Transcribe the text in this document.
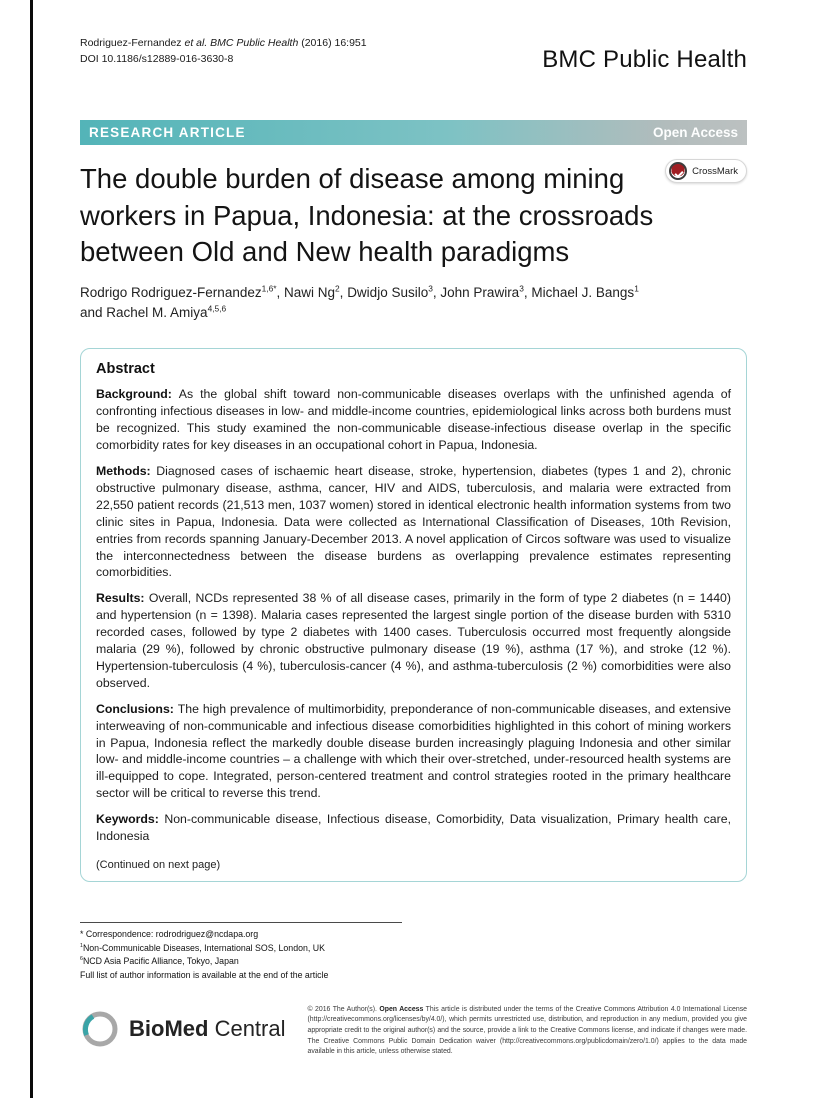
Rodriguez-Fernandez et al. BMC Public Health (2016) 16:951
DOI 10.1186/s12889-016-3630-8	BMC Public Health
RESEARCH ARTICLE	Open Access
The double burden of disease among mining workers in Papua, Indonesia: at the crossroads between Old and New health paradigms
CrossMark
Rodrigo Rodriguez-Fernandez$^{1,6*}$, Nawi Ng$^2$, Dwidjo Susilo$^3$, John Prawira$^3$, Michael J. Bangs$^1$
and Rachel M. Amiya$^{4,5,6}$
Abstract

Background: As the global shift toward non-communicable diseases overlaps with the unfinished agenda of confronting infectious diseases in low- and middle-income countries, epidemiological links across both burdens must be recognized. This study examined the non-communicable disease-infectious disease overlap in the specific comorbidity rates for key diseases in an occupational cohort in Papua, Indonesia.

Methods: Diagnosed cases of ischaemic heart disease, stroke, hypertension, diabetes (types 1 and 2), chronic obstructive pulmonary disease, asthma, cancer, HIV and AIDS, tuberculosis, and malaria were extracted from 22,550 patient records (21,513 men, 1037 women) stored in identical electronic health information systems from two clinic sites in Papua, Indonesia. Data were collected as International Classification of Diseases, 10th Revision, entries from records spanning January-December 2013. A novel application of Circos software was used to visualize the interconnectedness between the disease burdens as overlapping prevalence estimates representing comorbidities.

Results: Overall, NCDs represented 38 % of all disease cases, primarily in the form of type 2 diabetes (n = 1440) and hypertension (n = 1398). Malaria cases represented the largest single portion of the disease burden with 5310 recorded cases, followed by type 2 diabetes with 1400 cases. Tuberculosis occurred most frequently alongside malaria (29 %), followed by chronic obstructive pulmonary disease (19 %), asthma (17 %), and stroke (12 %). Hypertension-tuberculosis (4 %), tuberculosis-cancer (4 %), and asthma-tuberculosis (2 %) comorbidities were also observed.

Conclusions: The high prevalence of multimorbidity, preponderance of non-communicable diseases, and extensive interweaving of non-communicable and infectious disease comorbidities highlighted in this cohort of mining workers in Papua, Indonesia reflect the markedly double disease burden increasingly plaguing Indonesia and other similar low- and middle-income countries – a challenge with which their over-stretched, under-resourced health systems are ill-equipped to cope. Integrated, person-centered treatment and control strategies rooted in the primary healthcare sector will be critical to reverse this trend.

Keywords: Non-communicable disease, Infectious disease, Comorbidity, Data visualization, Primary health care, Indonesia

(Continued on next page)
* Correspondence: rodrodriguez@ncdapa.org
$^1$Non-Communicable Diseases, International SOS, London, UK
$^6$NCD Asia Pacific Alliance, Tokyo, Japan
Full list of author information is available at the end of the article
BioMed Central

© 2016 The Author(s). Open Access This article is distributed under the terms of the Creative Commons Attribution 4.0 International License (http://creativecommons.org/licenses/by/4.0/), which permits unrestricted use, distribution, and reproduction in any medium, provided you give appropriate credit to the original author(s) and the source, provide a link to the Creative Commons license, and indicate if changes were made. The Creative Commons Public Domain Dedication waiver (http://creativecommons.org/publicdomain/zero/1.0/) applies to the data made available in this article, unless otherwise stated.
